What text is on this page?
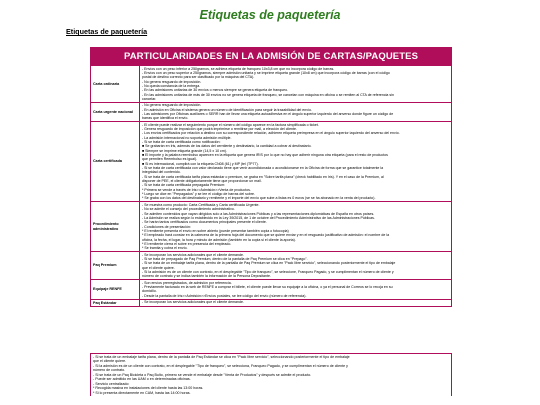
Etiquetas de paquetería
Etiquetas de paquetería
PARTICULARIDADES EN LA ADMISIÓN DE CARTAS/PAQUETES
Carta ordinaria
- Envíos con un peso inferior a 250gramos, se adhiera etiqueta de franqueo 10x3,8 cm que no incorpora código de barras.
- Envíos con un peso superior a 250gramos, siempre admisión unitaria y se imprime etiqueta grande (10x8 cm) que incorpora código de barras (con el código
postal de destino correcto para ser clasificado por la máquina del CTA).
- No genera resguardo de imposición.
- No queda constancia de la entrega.
- En las admisiones unitarias de 30 envíos o menos siempre se genera etiqueta de franqueo.
- En las admisiones unitarias de más de 30 envíos no se genera etiqueta de franqueo, se cancelan con máquina en oficina o se remiten al CTA de referencia sin
cancelar.
Carta urgente nacional
- No genera resguardo de imposición.
- En admisión en Oficina el sistema genera un número de identificación para seguir la trazabilidad del envío.
- Las admisiones por Oficinas auxiliares o SERR han de llevar una etiqueta autoadhesiva en el ángulo superior izquierdo del anverso donde figure un código de
barras que identifica el envío.
Carta certificada
- El cliente puede realizar el seguimiento porque el número del código aparece en la factura simplificada o ticket.
- Genera resguardo de imposición que podrá imprimirse o remitirse por mail, a elección del cliente.
- Los envíos certificados por relación a destino con su correspondiente relación, adhieren etiqueta preimpresa en el ángulo superior izquierdo del anverso del envío.
- La admisión internacional no soporta admisión múltiple.
- Si se trata de carta certificada como notificación:
■ Se grabarán en Iris, además de los datos del cerntiente y destinatario, la cantidad a cobrar al destinatario.
■ Siempre se imprime etiqueta grande (14,5 x 10 cm).
■ El importe y la palabra reembolso aparecen en la etiqueta que genera IRIS por lo que no hay que adherir ninguna otra etiqueta (para el resto de productos
que permiten Reembolso es igual).
■ Si es internacional, cumplirá con la etiqueta CN08 (61) y MP (tel (TP77).
- Si se trata de carta certificada con valor declarado tiene que venir acondicionada o acondicionarse en la Oficina de forma que se garantice totalmente la
integridad del contenido.
- Si se trata de carta certificada tarifa plana estándar o premium, se graba en "Sobre tarifa plana" (check habilitado en Iris). Y en el caso de la Premium, al
disponer de PEE, el cliente obligatoriamente tiene que proporcionar un mail.
- Si se trata de carta certificada prepagada Premium:
* Primera se vende a través de Iris>>Admisión>>Venta de productos.
* Luego se dice en "Prepagados" y se lee el código de barras del sobre.
* Se graba con los datos del destinatario y remitente y el importe del envío que sube a listas es 0 euros (se se ha abonado en la venta del producto).
Procedimiento administrativo
- Se muestra como producto: Carta Certificada y Carta certificada Urgente.
- No se admite el consejo del procedimiento administrativo.
- Se admiten contenidos que vayan dirigidos solo a las Administraciones Públicas y a las representaciones diplomáticas de España en otros países.
- La Admisión se realiza según lo establecido en la Ley 39/2015, de 1 de octubre del Procedimiento Administrativo de las Administraciones Públicas.
- Se harán tantos certificados como documentos principales presente el cliente.
- Condiciones de presentación:
* El remitente presenta el envío en sobre abierto (puede presentar también copia o fotocopia)
* El empleado hará constar en la cabecera de la primera hoja del documento que se quiere enviar y en el resguardo justificativo de admisión: el nombre de la
oficina, la fecha, el lugar, la hora y minuto de admisión (también en la copia si el cliente la aporta).
* El remitente cierra el sobre en presencia del empleado.
* Se tramita y cobra el envío.
Paq Premium
- Se incorporan los servicios adicionales que el cliente demande.
- Si se trata de prepagado de Paq Premium, dentro de la pantalla de Paq Premium se clica en "Prepago".
- Si se trata de un embalaje tarifa plana, dentro de la pantalla de Paq Premium se clica en "Pack libre servicio", seleccionando posteriormente el tipo de embalaje
que el cliente quiere.
- Si la admisión es de un cliente con contrato, en el desplegable "Tipo de franqueo", se seleccione, Franqueo Pagado, y se cumplimentan el número de cliente y
número de contrato y se indica también la información de la Persona Depositante.
Equipaje RENFE
- Son envíos prerregistrados, de admisión por referencia.
- Previamente facturado en la web de RENFE a comprar el billete, el cliente puede llevar su equipaje a la oficina, o ya el personal de Correos se lo recoja en su
domicilio.
- Desde la pantalla de Iris>>Admisión>>Envíos postales, se lee código del envío (número de referencia).
Paq Estándar	- Se incorporan los servicios adicionales que el cliente demande.
- Si se trata de un embalaje tarifa plana, dentro de la pantalla de Paq Estándar se clica en "Pack libre servicio", seleccionando posteriormente el tipo de embalaje
que el cliente quiere.
- Si la admisión es de un cliente con contrato, en el desplegable "Tipo de franqueo", se selecciona, Franqueo Pagado, y se cumplimentan el número de cliente y
número de contrato.
- Si se trata de un Paq Bicicleta o Paq Bulto, primero se vende el embalaje desde "Venta de Productos" y después se admite el producto.
- Puede ser admitido en las UAM o en determinadas oficinas.
- Servicio centralizado:
* Recogida masiva en instalaciones del cliente hasta las 13:00 horas.
* Si lo presenta directamente en CAM, hasta las 14:00 horas.
